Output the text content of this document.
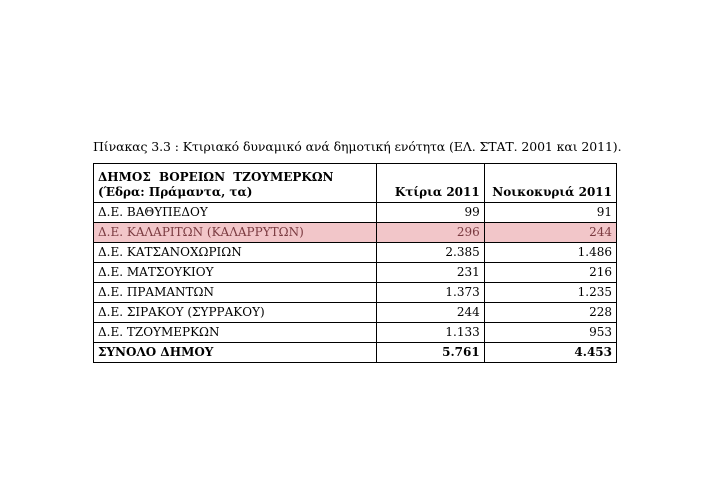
Πίνακας 3.3 : Κτιριακό δυναμικό ανά δημοτική ενότητα (ΕΛ. ΣΤΑΤ. 2001 και 2011).
ΔΗΜΟΣ ΒΟΡΕΙΩΝ ΤΖΟΥΜΕΡΚΩΝ
(Έδρα: Πράμαντα, τα)	Κτίρια 2011	Νοικοκυριά 2011
Δ.Ε. ΒΑΘΥΠΕΔΟΥ	99	91
Δ.Ε. ΚΑΛΑΡΙΤΩΝ (ΚΑΛΑΡΡΥΤΩΝ)	296	244
Δ.Ε. ΚΑΤΣΑΝΟΧΩΡΙΩΝ	2.385	1.486
Δ.Ε. ΜΑΤΣΟΥΚΙΟΥ	231	216
Δ.Ε. ΠΡΑΜΑΝΤΩΝ	1.373	1.235
Δ.Ε. ΣΙΡΑΚΟΥ (ΣΥΡΡΑΚΟΥ)	244	228
Δ.Ε. ΤΖΟΥΜΕΡΚΩΝ	1.133	953
ΣΥΝΟΛΟ ΔΗΜΟΥ	5.761	4.453
